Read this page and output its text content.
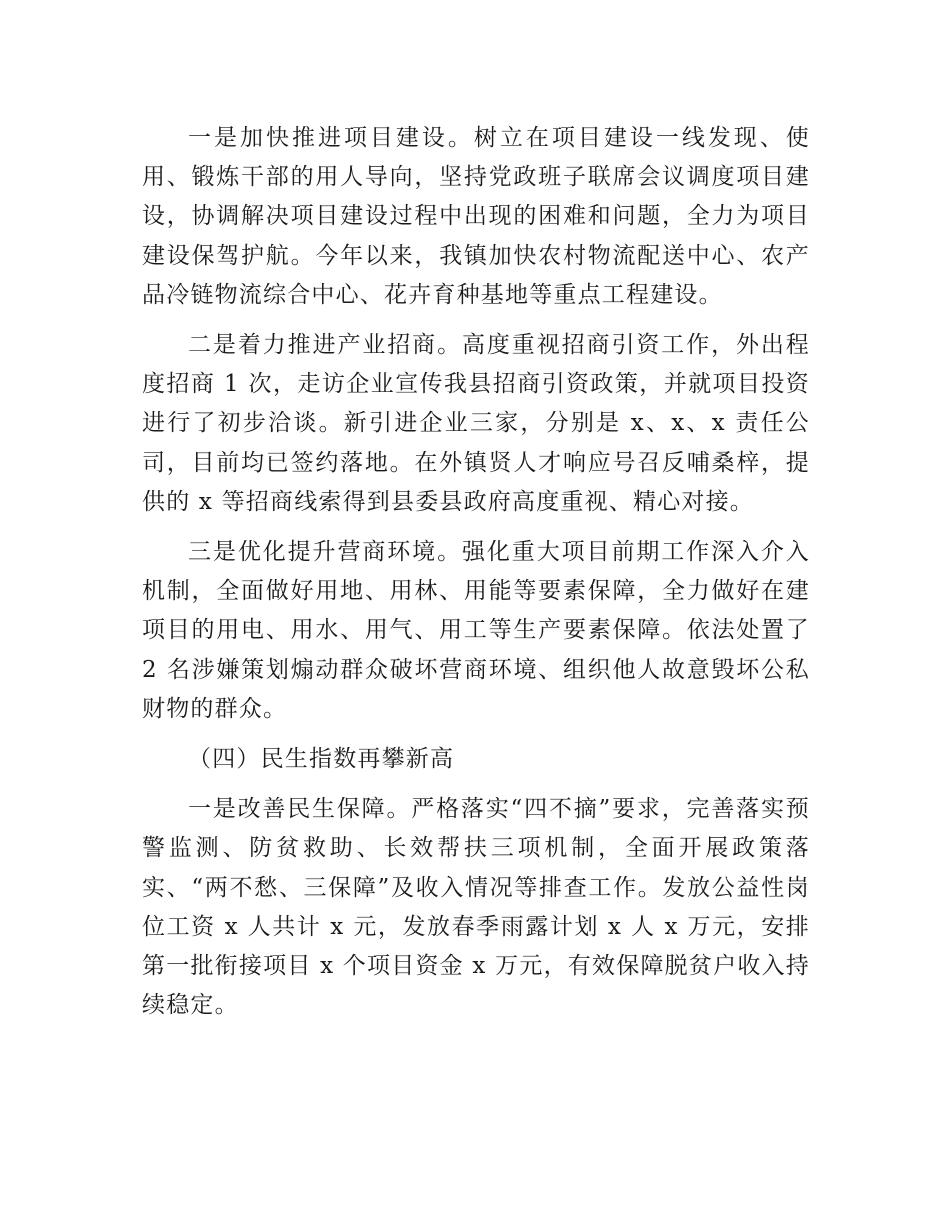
一是加快推进项目建设。树立在项目建设一线发现、使用、锻炼干部的用人导向，坚持党政班子联席会议调度项目建设，协调解决项目建设过程中出现的困难和问题，全力为项目建设保驾护航。今年以来，我镇加快农村物流配送中心、农产品冷链物流综合中心、花卉育种基地等重点工程建设。

二是着力推进产业招商。高度重视招商引资工作，外出程度招商 1 次，走访企业宣传我县招商引资政策，并就项目投资进行了初步洽谈。新引进企业三家，分别是 x、x、x 责任公司，目前均已签约落地。在外镇贤人才响应号召反哺桑梓，提供的 x 等招商线索得到县委县政府高度重视、精心对接。

三是优化提升营商环境。强化重大项目前期工作深入介入机制，全面做好用地、用林、用能等要素保障，全力做好在建项目的用电、用水、用气、用工等生产要素保障。依法处置了 2 名涉嫌策划煽动群众破坏营商环境、组织他人故意毁坏公私财物的群众。

（四）民生指数再攀新高

一是改善民生保障。严格落实“四不摘”要求，完善落实预警监测、防贫救助、长效帮扶三项机制，全面开展政策落实、“两不愁、三保障”及收入情况等排查工作。发放公益性岗位工资 x 人共计 x 元，发放春季雨露计划 x 人 x 万元，安排第一批衔接项目 x 个项目资金 x 万元，有效保障脱贫户收入持续稳定。
